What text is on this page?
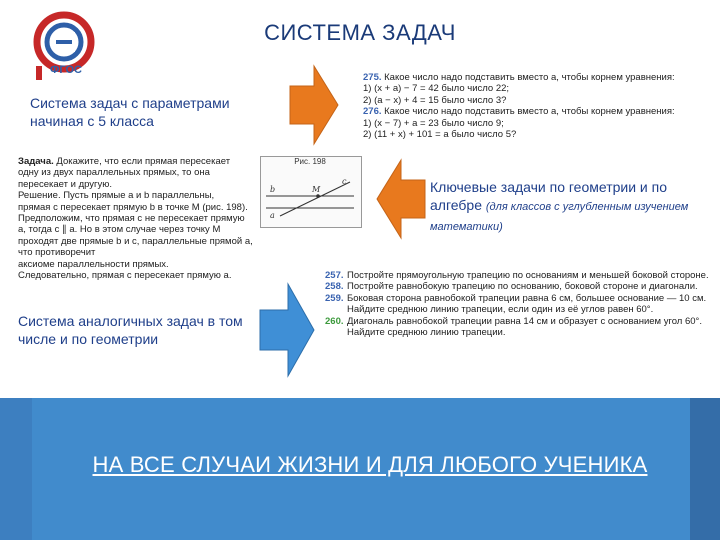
ФГОС
СИСТЕМА ЗАДАЧ
Система задач с параметрами начиная с 5 класса
275. Какое число надо подставить вместо а, чтобы корнем уравнения:
1) (х + а) − 7 = 42 было число 22;
2) (а − х) + 4 = 15 было число 3?
276. Какое число надо подставить вместо а, чтобы корнем уравнения:
1) (х − 7) + а = 23 было число 9;
2) (11 + х) + 101 = а было число 5?
Задача. Докажите, что если прямая пересекает
одну из двух параллельных прямых, то она
пересекает и другую.
Решение. Пусть прямые а и b параллельны,
прямая с пересекает прямую b в точке M (рис. 198).
Предположим, что прямая с не пересекает прямую
а, тогда с ∥ а. Но в этом случае через точку M
проходят две прямые b и с, параллельные прямой а, что противоречит
аксиоме параллельности прямых.
Следовательно, прямая с пересекает прямую а.
Рис. 198
b	M
c
a
Ключевые задачи по геометрии и по алгебре (для классов с углубленным изучением математики)
Система аналогичных задач в том числе и по геометрии
257. Постройте прямоугольную трапецию по основаниям и меньшей боковой стороне.
258. Постройте равнобокую трапецию по основанию, боковой стороне и диагонали.
259. Боковая сторона равнобокой трапеции равна 6 см, большее основание — 10 см. Найдите среднюю линию трапеции, если один из её углов равен 60°.
260. Диагональ равнобокой трапеции равна 14 см и образует с основанием угол 60°. Найдите среднюю линию трапеции.
НА ВСЕ СЛУЧАИ ЖИЗНИ И ДЛЯ ЛЮБОГО УЧЕНИКА
